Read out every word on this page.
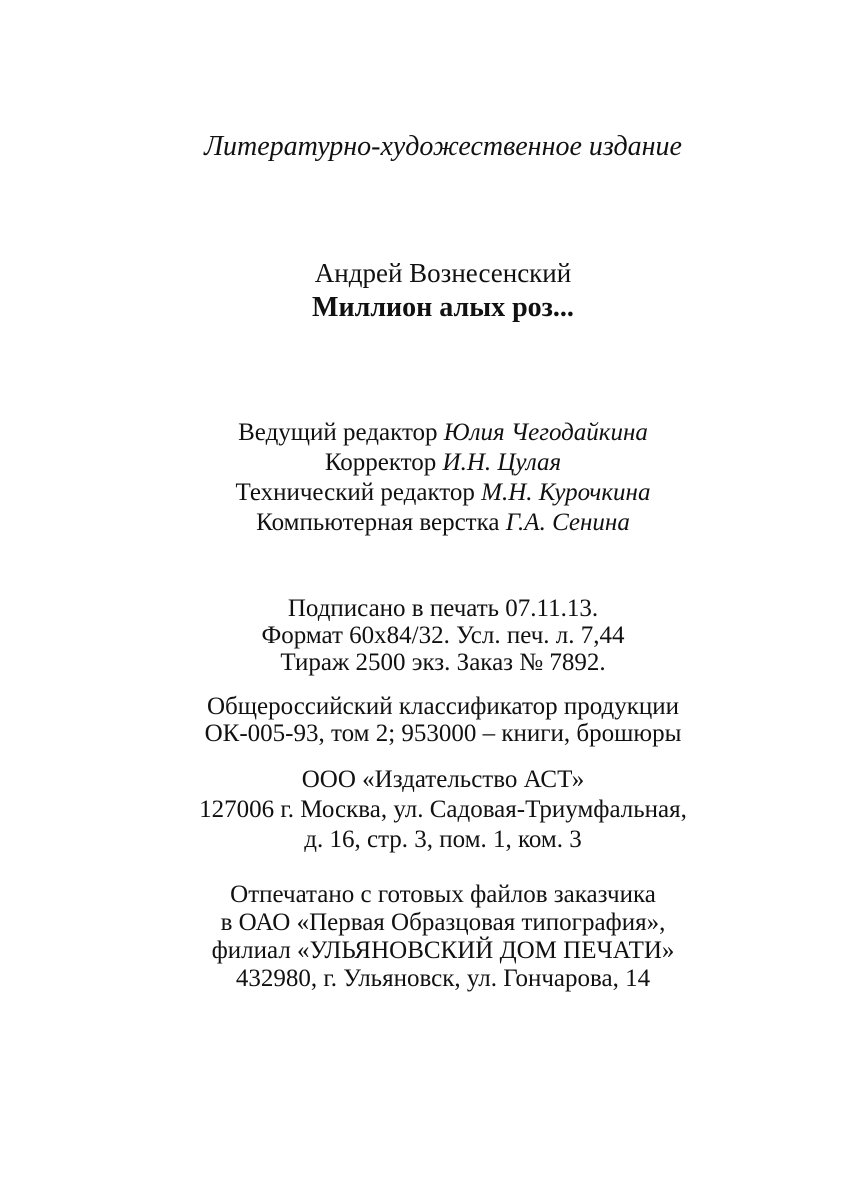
Литературно-художественное издание
Андрей Вознесенский
Миллион алых роз...
Ведущий редактор Юлия Чегодайкина
Корректор И.Н. Цулая
Технический редактор М.Н. Курочкина
Компьютерная верстка Г.А. Сенина
Подписано в печать 07.11.13.
Формат 60х84/32. Усл. печ. л. 7,44
Тираж 2500 экз. Заказ № 7892.
Общероссийский классификатор продукции
ОК-005-93, том 2; 953000 – книги, брошюры
ООО «Издательство АСТ»
127006 г. Москва, ул. Садовая-Триумфальная,
д. 16, стр. 3, пом. 1, ком. 3
Отпечатано с готовых файлов заказчика
в ОАО «Первая Образцовая типография»,
филиал «УЛЬЯНОВСКИЙ ДОМ ПЕЧАТИ»
432980, г. Ульяновск, ул. Гончарова, 14
